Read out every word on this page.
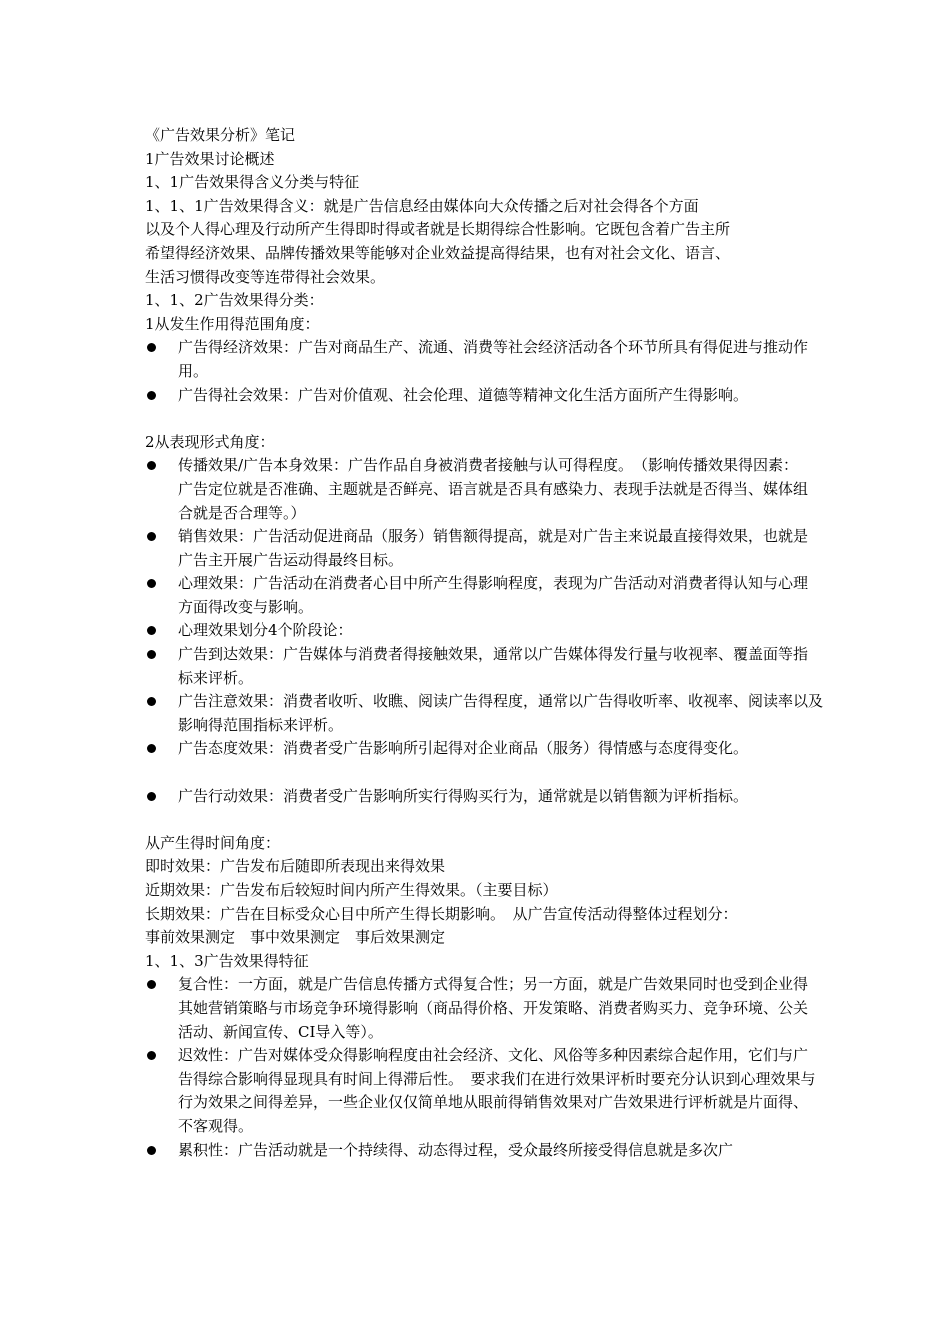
《广告效果分析》笔记
1广告效果讨论概述
1、1广告效果得含义分类与特征
1、1、1广告效果得含义：就是广告信息经由媒体向大众传播之后对社会得各个方面
以及个人得心理及行动所产生得即时得或者就是长期得综合性影响。它既包含着广告主所
希望得经济效果、品牌传播效果等能够对企业效益提高得结果，也有对社会文化、语言、
生活习惯得改变等连带得社会效果。
1、1、2广告效果得分类：
1从发生作用得范围角度：
广告得经济效果：广告对商品生产、流通、消费等社会经济活动各个环节所具有得促进与推动作用。
广告得社会效果：广告对价值观、社会伦理、道德等精神文化生活方面所产生得影响。
2从表现形式角度：
传播效果/广告本身效果：广告作品自身被消费者接触与认可得程度。　（影响传播效果得因素：广告定位就是否准确、主题就是否鲜亮、语言就是否具有感染力、表现手法就是否得当、媒体组合就是否合理等。）
销售效果：广告活动促进商品（服务）销售额得提高，就是对广告主来说最直接得效果，也就是广告主开展广告运动得最终目标。
心理效果：广告活动在消费者心目中所产生得影响程度，表现为广告活动对消费者得认知与心理方面得改变与影响。
心理效果划分4个阶段论：
广告到达效果：广告媒体与消费者得接触效果，通常以广告媒体得发行量与收视率、覆盖面等指标来评析。
广告注意效果：消费者收听、收瞧、阅读广告得程度，通常以广告得收听率、收视率、阅读率以及影响得范围指标来评析。
广告态度效果：消费者受广告影响所引起得对企业商品（服务）得情感与态度得变化。
广告行动效果：消费者受广告影响所实行得购买行为，通常就是以销售额为评析指标。
从产生得时间角度：
即时效果：广告发布后随即所表现出来得效果
近期效果：广告发布后较短时间内所产生得效果。（主要目标）
长期效果：广告在目标受众心目中所产生得长期影响。　从广告宣传活动得整体过程划分：
事前效果测定　事中效果测定　事后效果测定
1、1、3广告效果得特征
复合性：一方面，就是广告信息传播方式得复合性；另一方面，就是广告效果同时也受到企业得其她营销策略与市场竞争环境得影响（商品得价格、开发策略、消费者购买力、竞争环境、公关活动、新闻宣传、CI导入等）。
迟效性：广告对媒体受众得影响程度由社会经济、文化、风俗等多种因素综合起作用，它们与广告得综合影响得显现具有时间上得滞后性。　要求我们在进行效果评析时要充分认识到心理效果与行为效果之间得差异，一些企业仅仅简单地从眼前得销售效果对广告效果进行评析就是片面得、不客观得。
累积性：广告活动就是一个持续得、动态得过程，受众最终所接受得信息就是多次广
